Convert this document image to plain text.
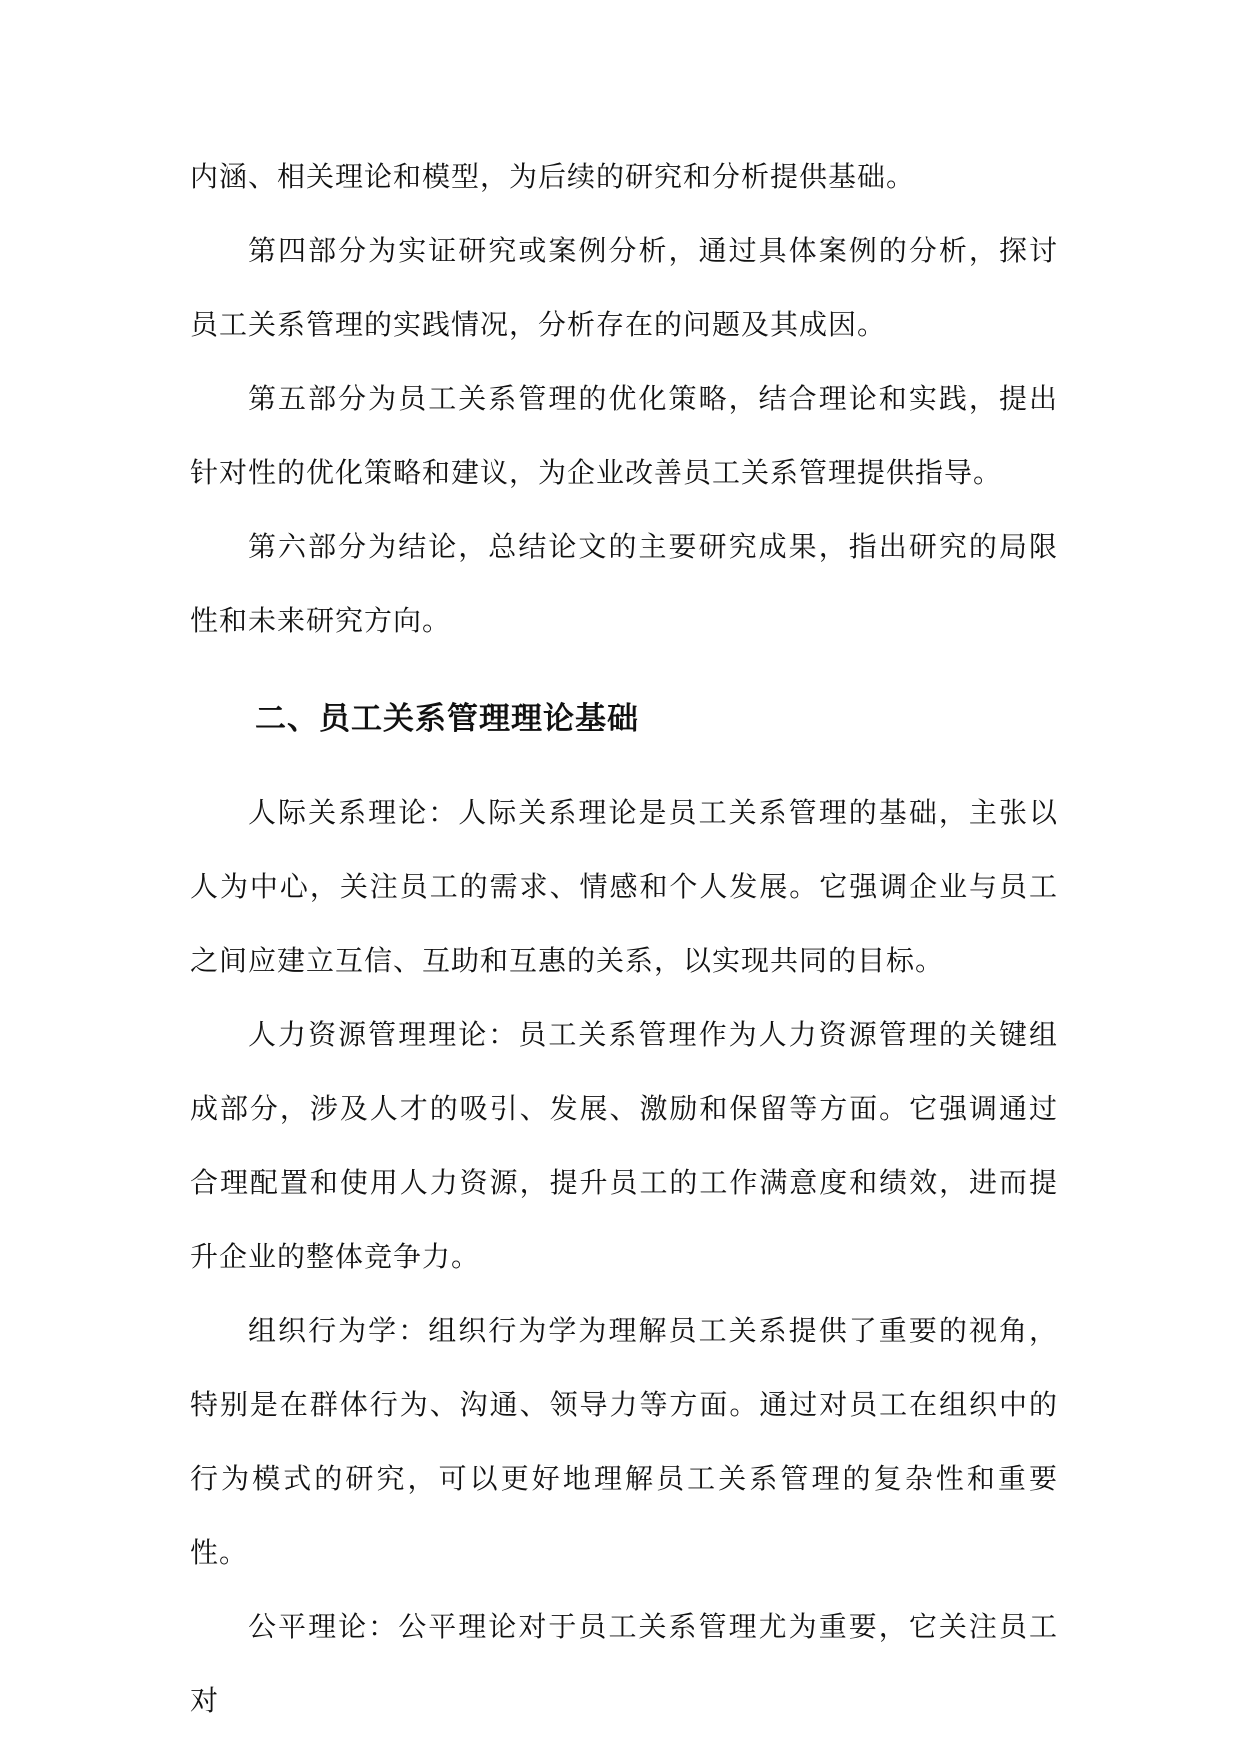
内涵、相关理论和模型，为后续的研究和分析提供基础。

第四部分为实证研究或案例分析，通过具体案例的分析，探讨员工关系管理的实践情况，分析存在的问题及其成因。

第五部分为员工关系管理的优化策略，结合理论和实践，提出针对性的优化策略和建议，为企业改善员工关系管理提供指导。

第六部分为结论，总结论文的主要研究成果，指出研究的局限性和未来研究方向。

二、员工关系管理理论基础

人际关系理论：人际关系理论是员工关系管理的基础，主张以人为中心，关注员工的需求、情感和个人发展。它强调企业与员工之间应建立互信、互助和互惠的关系，以实现共同的目标。

人力资源管理理论：员工关系管理作为人力资源管理的关键组成部分，涉及人才的吸引、发展、激励和保留等方面。它强调通过合理配置和使用人力资源，提升员工的工作满意度和绩效，进而提升企业的整体竞争力。

组织行为学：组织行为学为理解员工关系提供了重要的视角，特别是在群体行为、沟通、领导力等方面。通过对员工在组织中的行为模式的研究，可以更好地理解员工关系管理的复杂性和重要性。

公平理论：公平理论对于员工关系管理尤为重要，它关注员工对
